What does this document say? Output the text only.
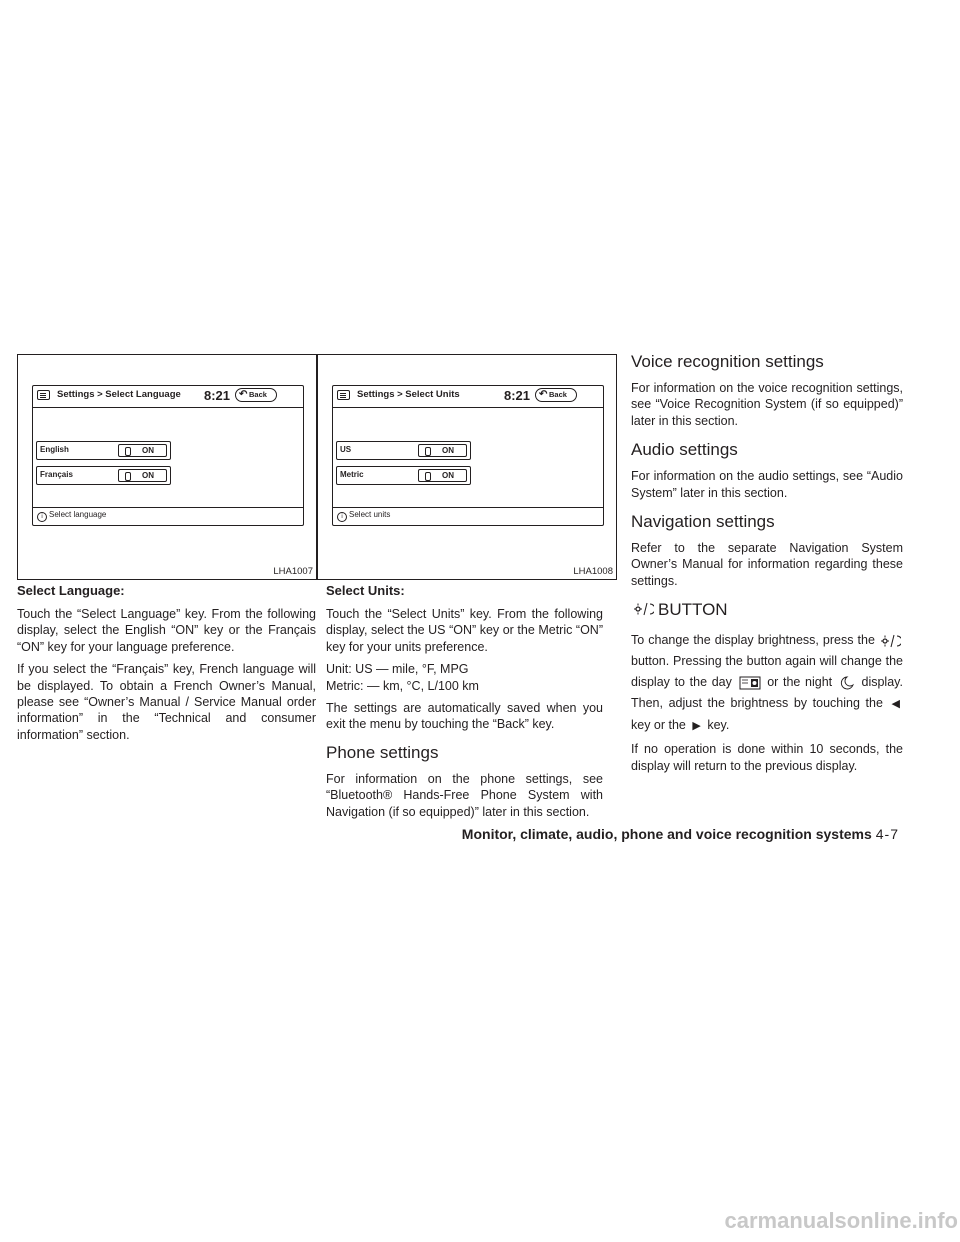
Settings > Select Language 8:21 ↶ Back
English	ON
Français	ON
i Select language
LHA1007
Settings > Select Units	8:21 ↶ Back
US	ON
Metric	ON
i Select units
LHA1008

Select Language:

Touch the “Select Language” key. From the following display, select the English “ON” key or the Français “ON” key for your language preference.

If you select the “Français” key, French language will be displayed. To obtain a French Owner’s Manual, please see “Owner’s Manual / Service Manual order information” in the “Technical and consumer information” section.

Select Units:

Touch the “Select Units” key. From the following display, select the US “ON” key or the Metric “ON” key for your units preference.

Unit: US — mile, °F, MPG

Metric: — km, °C, L/100 km

The settings are automatically saved when you exit the menu by touching the “Back” key.

Phone settings

For information on the phone settings, see “Bluetooth® Hands-Free Phone System with Navigation (if so equipped)” later in this section.

Voice recognition settings

For information on the voice recognition settings, see “Voice Recognition System (if so equipped)” later in this section.

Audio settings

For information on the audio settings, see “Audio System” later in this section.

Navigation settings

Refer to the separate Navigation System Owner’s Manual for information regarding these settings.

BUTTON

To change the display brightness, press the  button. Pressing the button again will change the display to the day	or the night display. Then, adjust the brightness by touching the ◀ key or the ▶ key.

If no operation is done within 10 seconds, the display will return to the previous display.

Monitor, climate, audio, phone and voice recognition systems 4-7
carmanualsonline.info
